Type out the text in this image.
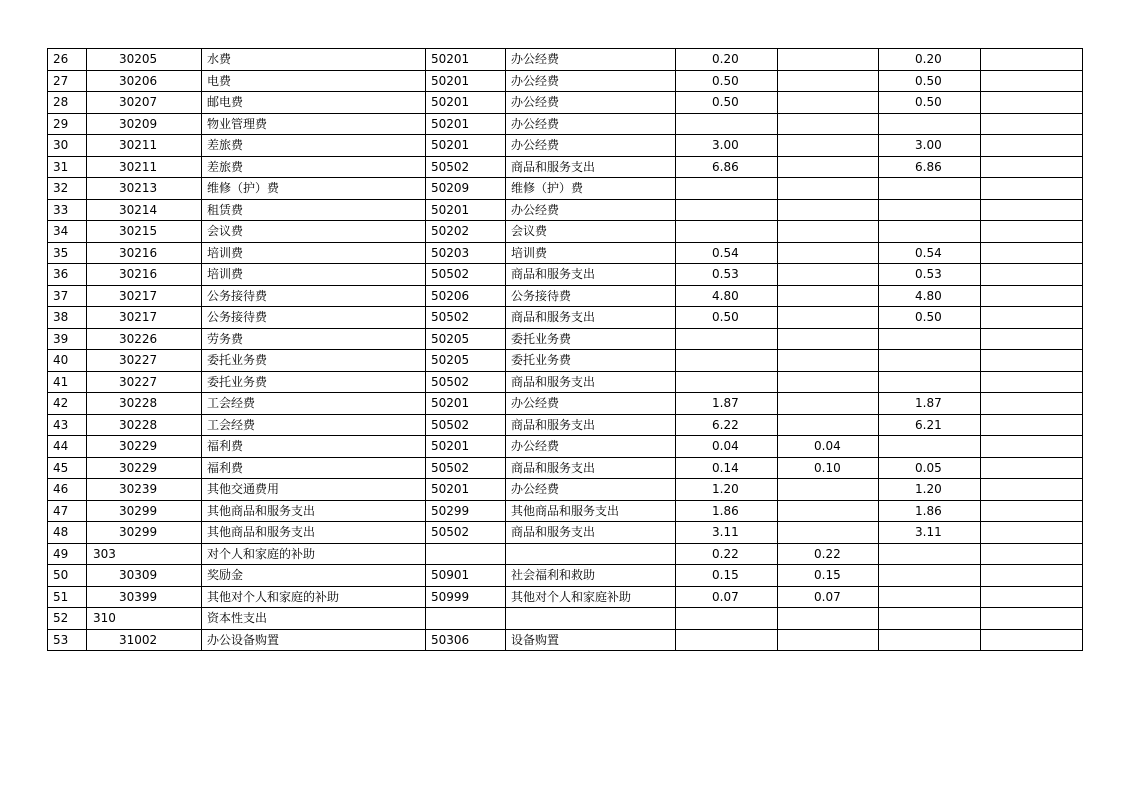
26	30205	水费	50201	办公经费	0.20		0.20	
27	30206	电费	50201	办公经费	0.50		0.50	
28	30207	邮电费	50201	办公经费	0.50		0.50	
29	30209	物业管理费	50201	办公经费				
30	30211	差旅费	50201	办公经费	3.00		3.00	
31	30211	差旅费	50502	商品和服务支出	6.86		6.86	
32	30213	维修（护）费	50209	维修（护）费				
33	30214	租赁费	50201	办公经费				
34	30215	会议费	50202	会议费				
35	30216	培训费	50203	培训费	0.54		0.54	
36	30216	培训费	50502	商品和服务支出	0.53		0.53	
37	30217	公务接待费	50206	公务接待费	4.80		4.80	
38	30217	公务接待费	50502	商品和服务支出	0.50		0.50	
39	30226	劳务费	50205	委托业务费				
40	30227	委托业务费	50205	委托业务费				
41	30227	委托业务费	50502	商品和服务支出				
42	30228	工会经费	50201	办公经费	1.87		1.87	
43	30228	工会经费	50502	商品和服务支出	6.22		6.21	
44	30229	福利费	50201	办公经费	0.04	0.04		
45	30229	福利费	50502	商品和服务支出	0.14	0.10	0.05	
46	30239	其他交通费用	50201	办公经费	1.20		1.20	
47	30299	其他商品和服务支出	50299	其他商品和服务支出	1.86		1.86	
48	30299	其他商品和服务支出	50502	商品和服务支出	3.11		3.11	
49	303	对个人和家庭的补助			0.22	0.22		
50	30309	奖励金	50901	社会福利和救助	0.15	0.15		
51	30399	其他对个人和家庭的补助	50999	其他对个人和家庭补助	0.07	0.07		
52	310	资本性支出						
53	31002	办公设备购置	50306	设备购置				
